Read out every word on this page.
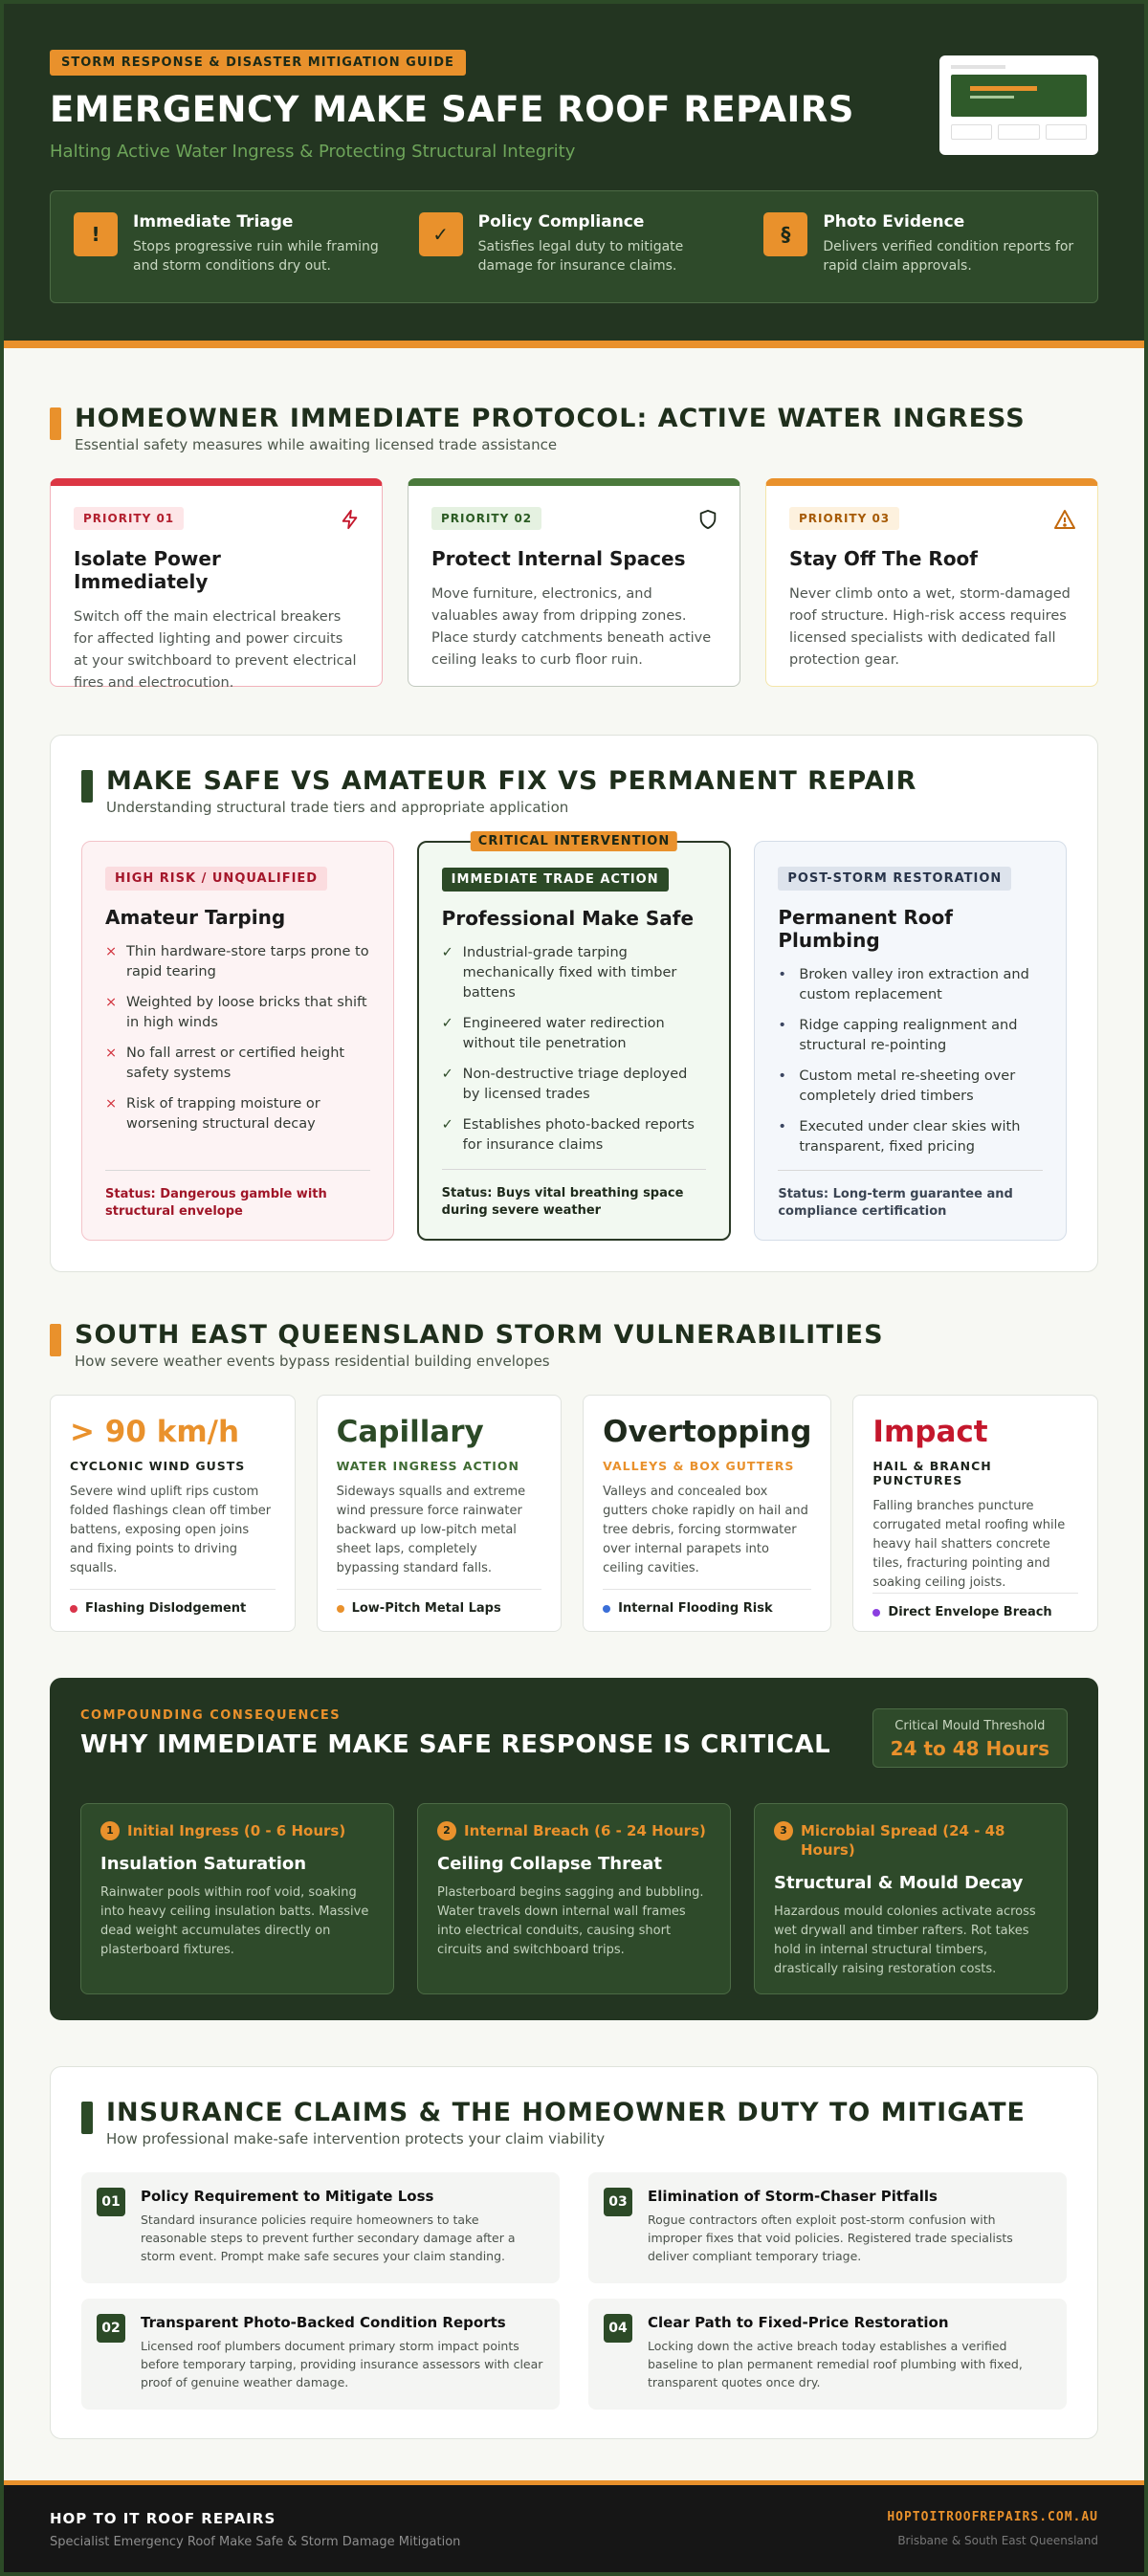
STORM RESPONSE & DISASTER MITIGATION GUIDE
EMERGENCY MAKE SAFE ROOF REPAIRS
Halting Active Water Ingress & Protecting Structural Integrity
!
Immediate Triage

Stops progressive ruin while framing and storm conditions dry out.

✓
Policy Compliance

Satisfies legal duty to mitigate damage for insurance claims.

§
Photo Evidence

Delivers verified condition reports for rapid claim approvals.

HOMEOWNER IMMEDIATE PROTOCOL: ACTIVE WATER INGRESS
Essential safety measures while awaiting licensed trade assistance
PRIORITY 01
Isolate Power Immediately

Switch off the main electrical breakers for affected lighting and power circuits at your switchboard to prevent electrical fires and electrocution.

PRIORITY 02
Protect Internal Spaces

Move furniture, electronics, and valuables away from dripping zones. Place sturdy catchments beneath active ceiling leaks to curb floor ruin.

PRIORITY 03
Stay Off The Roof

Never climb onto a wet, storm-damaged roof structure. High-risk access requires licensed specialists with dedicated fall protection gear.

MAKE SAFE VS AMATEUR FIX VS PERMANENT REPAIR
Understanding structural trade tiers and appropriate application
HIGH RISK / UNQUALIFIED
Amateur Tarping
× Thin hardware-store tarps prone to rapid tearing
× Weighted by loose bricks that shift in high winds
× No fall arrest or certified height safety systems
× Risk of trapping moisture or worsening structural decay
Status: Dangerous gamble with structural envelope
CRITICAL INTERVENTION
IMMEDIATE TRADE ACTION
Professional Make Safe
✓ Industrial-grade tarping mechanically fixed with timber battens
✓ Engineered water redirection without tile penetration
✓ Non-destructive triage deployed by licensed trades
✓ Establishes photo-backed reports for insurance claims
Status: Buys vital breathing space during severe weather
POST-STORM RESTORATION
Permanent Roof Plumbing
• Broken valley iron extraction and custom replacement
• Ridge capping realignment and structural re-pointing
• Custom metal re-sheeting over completely dried timbers
• Executed under clear skies with transparent, fixed pricing
Status: Long-term guarantee and compliance certification
SOUTH EAST QUEENSLAND STORM VULNERABILITIES
How severe weather events bypass residential building envelopes
> 90 km/h
CYCLONIC WIND GUSTS

Severe wind uplift rips custom folded flashings clean off timber battens, exposing open joins and fixing points to driving squalls.

Flashing Dislodgement
Capillary
WATER INGRESS ACTION

Sideways squalls and extreme wind pressure force rainwater backward up low-pitch metal sheet laps, completely bypassing standard falls.

Low-Pitch Metal Laps
Overtopping
VALLEYS & BOX GUTTERS

Valleys and concealed box gutters choke rapidly on hail and tree debris, forcing stormwater over internal parapets into ceiling cavities.

Internal Flooding Risk
Impact
HAIL & BRANCH PUNCTURES

Falling branches puncture corrugated metal roofing while heavy hail shatters concrete tiles, fracturing pointing and soaking ceiling joists.

Direct Envelope Breach
COMPOUNDING CONSEQUENCES
WHY IMMEDIATE MAKE SAFE RESPONSE IS CRITICAL
Critical Mould Threshold
24 to 48 Hours
1 Initial Ingress (0 - 6 Hours)
Insulation Saturation

Rainwater pools within roof void, soaking into heavy ceiling insulation batts. Massive dead weight accumulates directly on plasterboard fixtures.

2 Internal Breach (6 - 24 Hours)
Ceiling Collapse Threat

Plasterboard begins sagging and bubbling. Water travels down internal wall frames into electrical conduits, causing short circuits and switchboard trips.

3 Microbial Spread (24 - 48 Hours)
Structural & Mould Decay

Hazardous mould colonies activate across wet drywall and timber rafters. Rot takes hold in internal structural timbers, drastically raising restoration costs.

INSURANCE CLAIMS & THE HOMEOWNER DUTY TO MITIGATE
How professional make-safe intervention protects your claim viability
01	Policy Requirement to Mitigate Loss

Standard insurance policies require homeowners to take reasonable steps to prevent further secondary damage after a storm event. Prompt make safe secures your claim standing.

03	Elimination of Storm-Chaser Pitfalls

Rogue contractors often exploit post-storm confusion with improper fixes that void policies. Registered trade specialists deliver compliant temporary triage.

02	Transparent Photo-Backed Condition Reports

Licensed roof plumbers document primary storm impact points before temporary tarping, providing insurance assessors with clear proof of genuine weather damage.

04	Clear Path to Fixed-Price Restoration

Locking down the active breach today establishes a verified baseline to plan permanent remedial roof plumbing with fixed, transparent quotes once dry.

HOP TO IT ROOF REPAIRS
Specialist Emergency Roof Make Safe & Storm Damage Mitigation
HOPTOITROOFREPAIRS.COM.AU
Brisbane & South East Queensland
